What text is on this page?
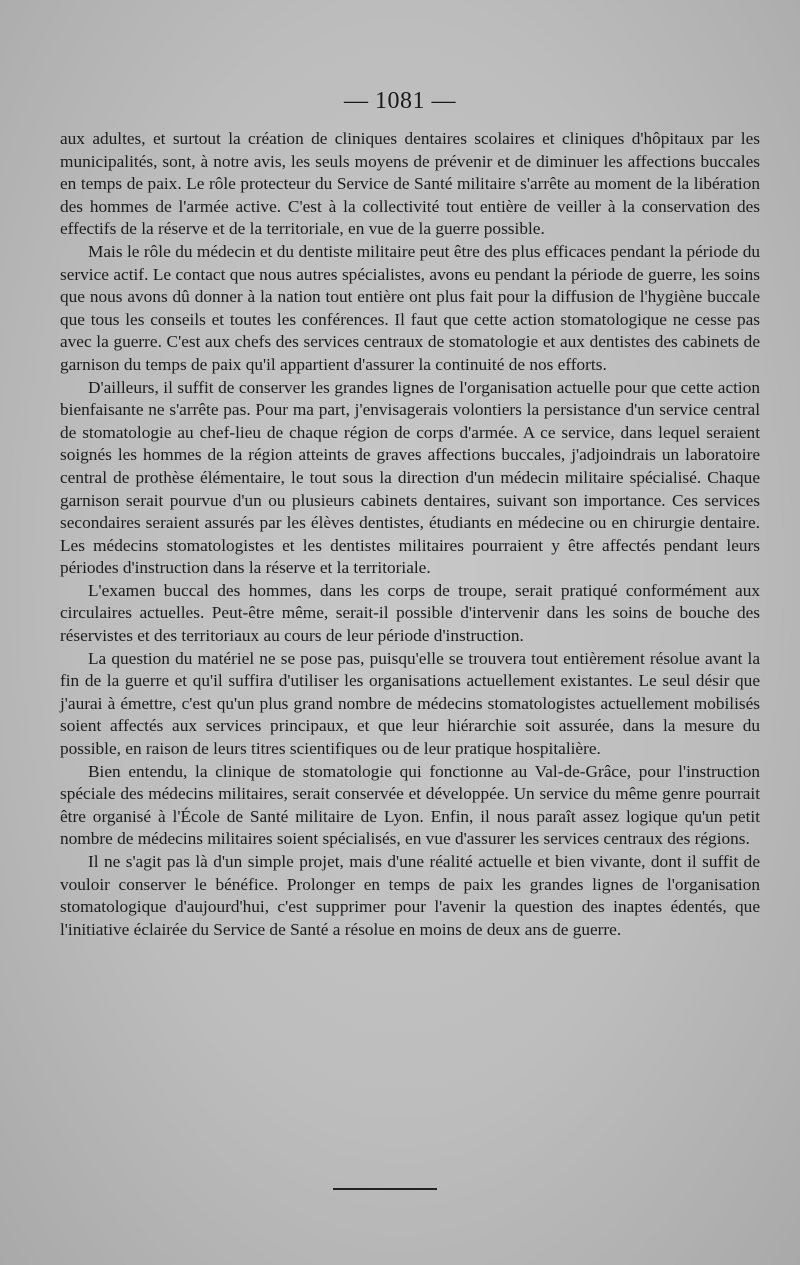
— 1081 —

aux adultes, et surtout la création de cliniques dentaires scolaires et cliniques d'hôpitaux par les municipalités, sont, à notre avis, les seuls moyens de prévenir et de diminuer les affections buccales en temps de paix. Le rôle protecteur du Service de Santé militaire s'arrête au moment de la libération des hommes de l'armée active. C'est à la collectivité tout entière de veiller à la conservation des effectifs de la réserve et de la territoriale, en vue de la guerre possible.

Mais le rôle du médecin et du dentiste militaire peut être des plus efficaces pendant la période du service actif. Le contact que nous autres spécialistes, avons eu pendant la période de guerre, les soins que nous avons dû donner à la nation tout entière ont plus fait pour la diffusion de l'hygiène buccale que tous les conseils et toutes les conférences. Il faut que cette action stomatologique ne cesse pas avec la guerre. C'est aux chefs des services centraux de stomatologie et aux dentistes des cabinets de garnison du temps de paix qu'il appartient d'assurer la continuité de nos efforts.

D'ailleurs, il suffit de conserver les grandes lignes de l'organisation actuelle pour que cette action bienfaisante ne s'arrête pas. Pour ma part, j'envisagerais volontiers la persistance d'un service central de stomatologie au chef-lieu de chaque région de corps d'armée. A ce service, dans lequel seraient soignés les hommes de la région atteints de graves affections buccales, j'adjoindrais un laboratoire central de prothèse élémentaire, le tout sous la direction d'un médecin militaire spécialisé. Chaque garnison serait pourvue d'un ou plusieurs cabinets dentaires, suivant son importance. Ces services secondaires seraient assurés par les élèves dentistes, étudiants en médecine ou en chirurgie dentaire. Les médecins stomatologistes et les dentistes militaires pourraient y être affectés pendant leurs périodes d'instruction dans la réserve et la territoriale.

L'examen buccal des hommes, dans les corps de troupe, serait pratiqué conformément aux circulaires actuelles. Peut-être même, serait-il possible d'intervenir dans les soins de bouche des réservistes et des territoriaux au cours de leur période d'instruction.

La question du matériel ne se pose pas, puisqu'elle se trouvera tout entièrement résolue avant la fin de la guerre et qu'il suffira d'utiliser les organisations actuellement existantes. Le seul désir que j'aurai à émettre, c'est qu'un plus grand nombre de médecins stomatologistes actuellement mobilisés soient affectés aux services principaux, et que leur hiérarchie soit assurée, dans la mesure du possible, en raison de leurs titres scientifiques ou de leur pratique hospitalière.

Bien entendu, la clinique de stomatologie qui fonctionne au Val-de-Grâce, pour l'instruction spéciale des médecins militaires, serait conservée et développée. Un service du même genre pourrait être organisé à l'École de Santé militaire de Lyon. Enfin, il nous paraît assez logique qu'un petit nombre de médecins militaires soient spécialisés, en vue d'assurer les services centraux des régions.

Il ne s'agit pas là d'un simple projet, mais d'une réalité actuelle et bien vivante, dont il suffit de vouloir conserver le bénéfice. Prolonger en temps de paix les grandes lignes de l'organisation stomatologique d'aujourd'hui, c'est supprimer pour l'avenir la question des inaptes édentés, que l'initiative éclairée du Service de Santé a résolue en moins de deux ans de guerre.
